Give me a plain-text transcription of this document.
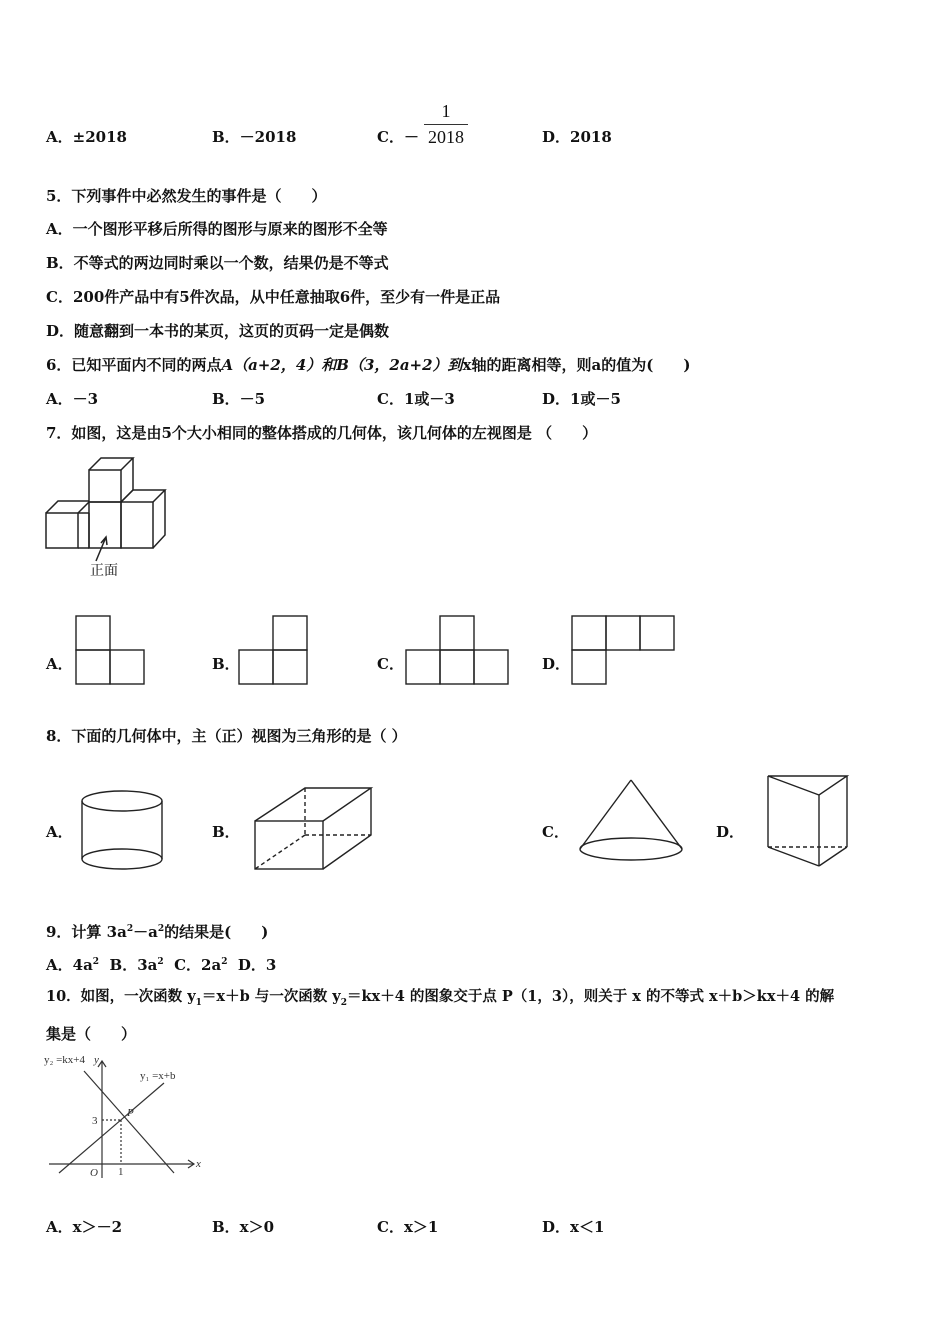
A．±2018	B．－2018	C．－
1
2018	D．2018
5．下列事件中必然发生的事件是（　　）
A．一个图形平移后所得的图形与原来的图形不全等
B．不等式的两边同时乘以一个数，结果仍是不等式
C．200件产品中有5件次品，从中任意抽取6件，至少有一件是正品
D．随意翻到一本书的某页，这页的页码一定是偶数
6．已知平面内不同的两点A（a+2，4）和B（3，2a+2）到x轴的距离相等，则a的值为(　　)
A．－3	B．－5	C．1或－3	D．1或－5
7．如图，这是由5个大小相同的整体搭成的几何体，该几何体的左视图是 （　　）
正面
A．	B．	C．	D．
8．下面的几何体中，主（正）视图为三角形的是（ ）
A．	B．	C．	D．
9．计算 $3a^2-a^2$的结果是(　　)
A．$4a^2$ B．$3a^2$ C．$2a^2$ D．3
10．如图，一次函数 $y_1=x+b$ 与一次函数 $y_2=kx+4$ 的图象交于点 P（1，3），则关于 x 的不等式 x＋b＞kx＋4 的解
集是（　　）
y₂ =kx+4 y
y₁ =x+b
P
3
O 1
x
A．x＞－2	B．x＞0	C．x＞1	D．x＜1
